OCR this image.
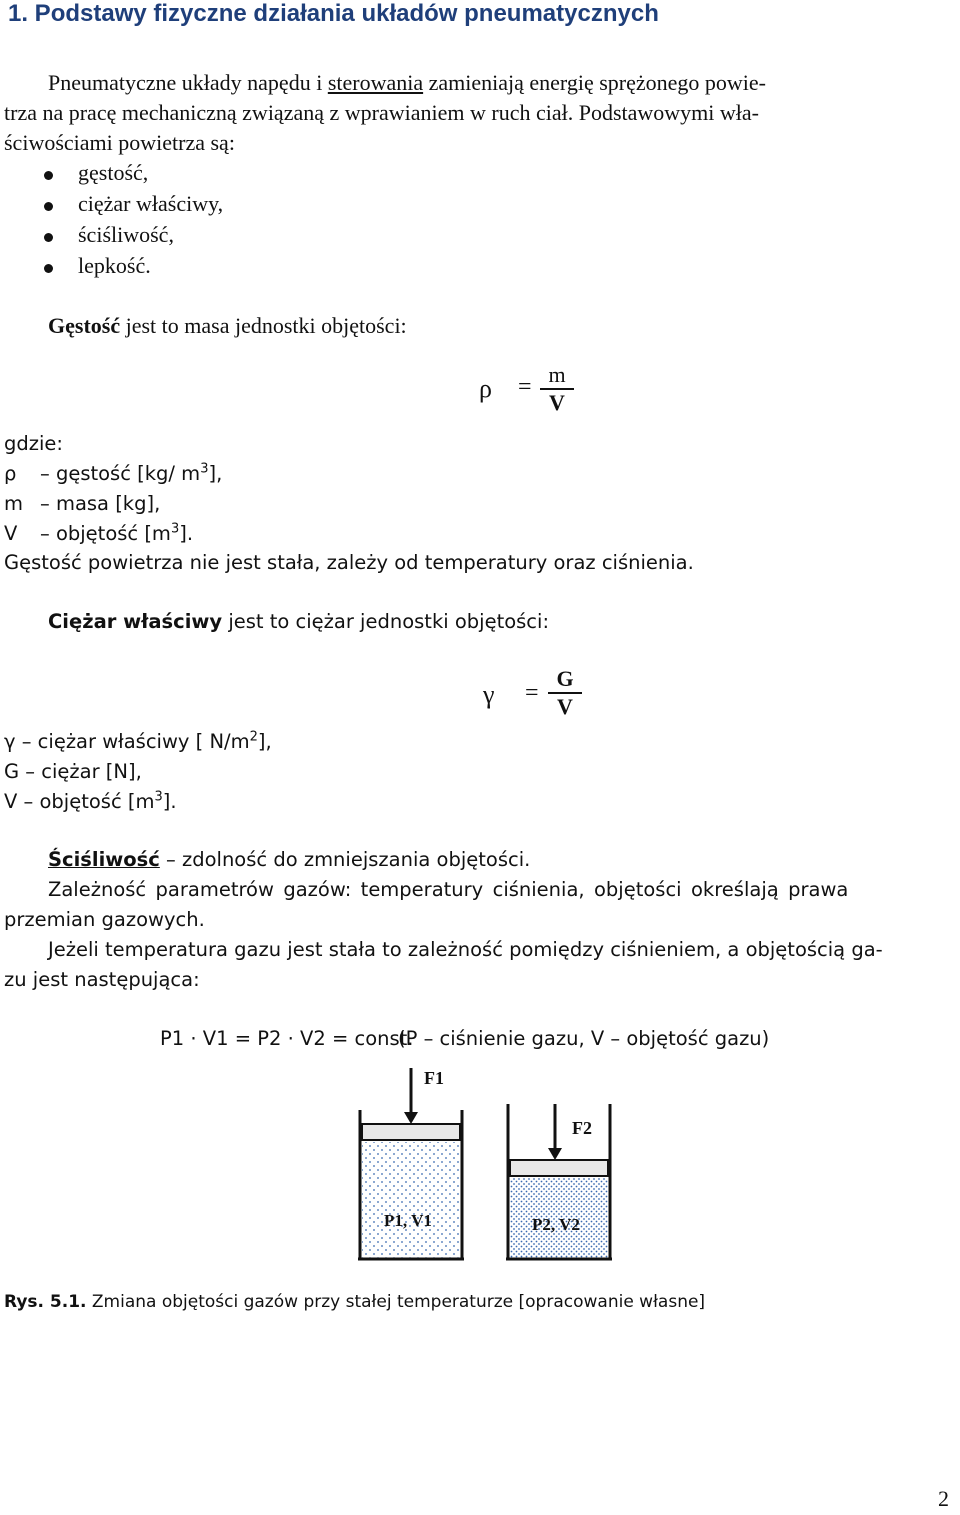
1. Podstawy fizyczne działania układów pneumatycznych
Pneumatyczne układy napędu i sterowania zamieniają energię sprężonego powie-
trza na pracę mechaniczną związaną z wprawianiem w ruch ciał. Podstawowymi wła-
ściwościami powietrza są:
gęstość,
ciężar właściwy,
ściśliwość,
lepkość.
Gęstość jest to masa jednostki objętości:
ρ = m
V
gdzie:
ρ – gęstość [kg/ $m^3$],
m – masa [kg],
V – objętość $[m^3]$.
Gęstość powietrza nie jest stała, zależy od temperatury oraz ciśnienia.
Ciężar właściwy jest to ciężar jednostki objętości:
γ =
G
V
γ – ciężar właściwy [ $N/m^2$],
G – ciężar [N],
V – objętość $[m^3]$.
Ściśliwość – zdolność do zmniejszania objętości.
Zależność parametrów gazów: temperatury ciśnienia, objętości określają prawa
przemian gazowych.
Jeżeli temperatura gazu jest stała to zależność pomiędzy ciśnieniem, a objętością ga-
zu jest następująca:
P1 · V1 = P2 · V2 = const.
(P – ciśnienie gazu, V – objętość gazu)
F1
P1, V1
F2
P2, V2
Rys. 5.1. Zmiana objętości gazów przy stałej temperaturze [opracowanie własne]
2
